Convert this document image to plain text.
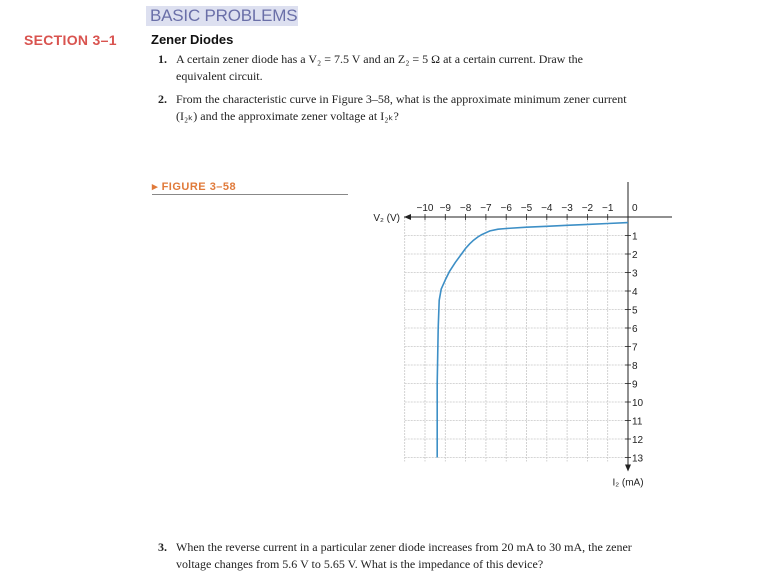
BASIC PROBLEMS
SECTION 3–1	Zener Diodes
1. A certain zener diode has a V₂ = 7.5 V and an Z₂ = 5 Ω at a certain current. Draw the
equivalent circuit.
2. From the characteristic curve in Figure 3–58, what is the approximate minimum zener current
(I₂ₖ) and the approximate zener voltage at I₂ₖ?
▸ FIGURE 3–58
−10 −9 −8 −7 −6 −5 −4 −3 −2 −1 0
1
2
3
4
5
6
7
8
9
10
11
12
13
V₂ (V)
I₂ (mA)
3. When the reverse current in a particular zener diode increases from 20 mA to 30 mA, the zener
voltage changes from 5.6 V to 5.65 V. What is the impedance of this device?
